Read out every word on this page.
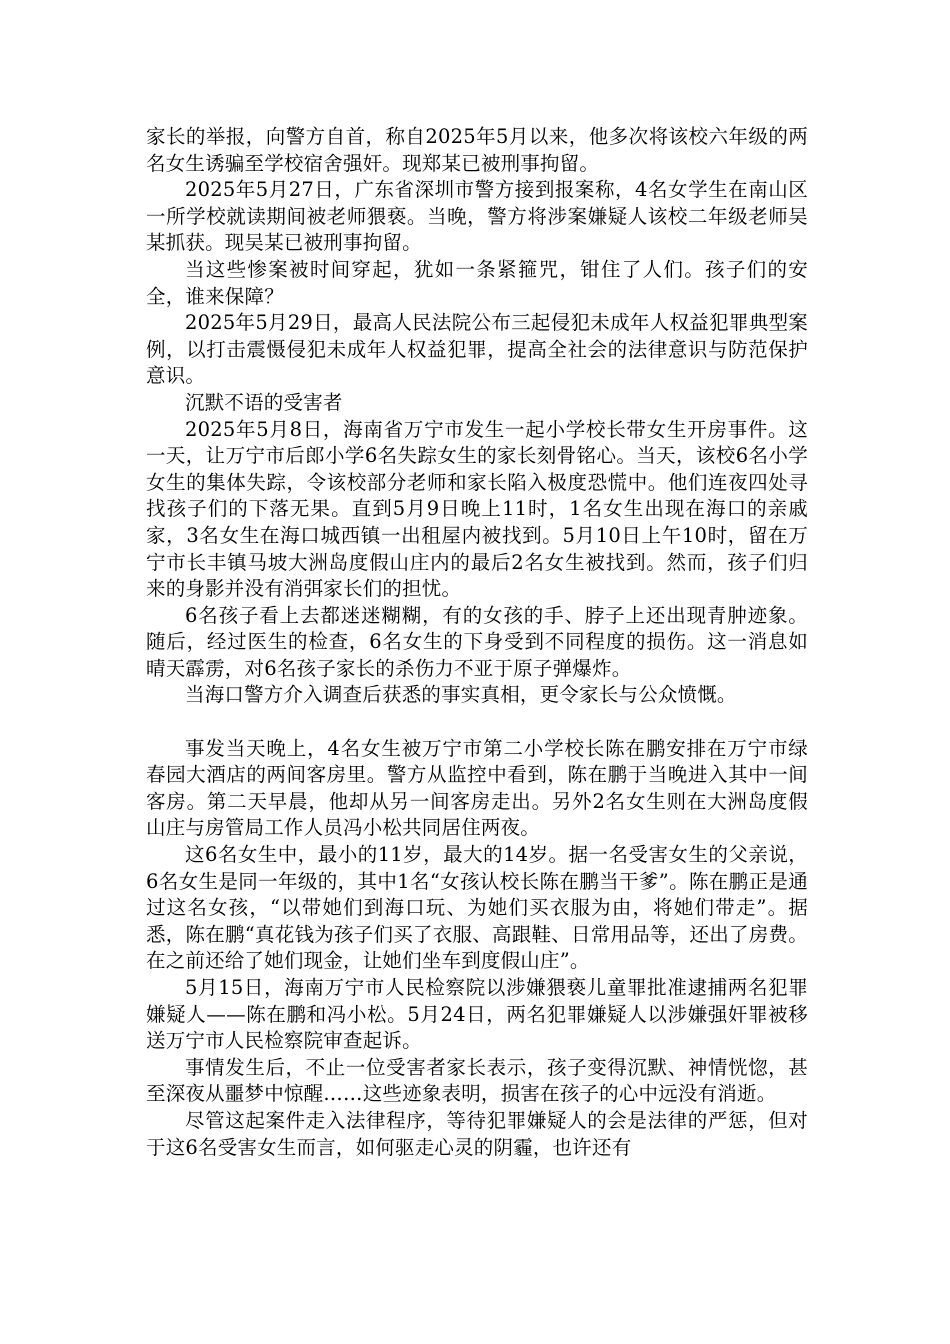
家长的举报，向警方自首，称自2025年5月以来，他多次将该校六年级的两名女生诱骗至学校宿舍强奸。现郑某已被刑事拘留。

2025年5月27日，广东省深圳市警方接到报案称，4名女学生在南山区一所学校就读期间被老师猥亵。当晚，警方将涉案嫌疑人该校二年级老师吴某抓获。现吴某已被刑事拘留。

当这些惨案被时间穿起，犹如一条紧箍咒，钳住了人们。孩子们的安全，谁来保障？

2025年5月29日，最高人民法院公布三起侵犯未成年人权益犯罪典型案例，以打击震慑侵犯未成年人权益犯罪，提高全社会的法律意识与防范保护意识。

沉默不语的受害者

2025年5月8日，海南省万宁市发生一起小学校长带女生开房事件。这一天，让万宁市后郎小学6名失踪女生的家长刻骨铭心。当天，该校6名小学女生的集体失踪，令该校部分老师和家长陷入极度恐慌中。他们连夜四处寻找孩子们的下落无果。直到5月9日晚上11时，1名女生出现在海口的亲戚家，3名女生在海口城西镇一出租屋内被找到。5月10日上午10时，留在万宁市长丰镇马坡大洲岛度假山庄内的最后2名女生被找到。然而，孩子们归来的身影并没有消弭家长们的担忧。

6名孩子看上去都迷迷糊糊，有的女孩的手、脖子上还出现青肿迹象。随后，经过医生的检查，6名女生的下身受到不同程度的损伤。这一消息如晴天霹雳，对6名孩子家长的杀伤力不亚于原子弹爆炸。

当海口警方介入调查后获悉的事实真相，更令家长与公众愤慨。

事发当天晚上，4名女生被万宁市第二小学校长陈在鹏安排在万宁市绿春园大酒店的两间客房里。警方从监控中看到，陈在鹏于当晚进入其中一间客房。第二天早晨，他却从另一间客房走出。另外2名女生则在大洲岛度假山庄与房管局工作人员冯小松共同居住两夜。

这6名女生中，最小的11岁，最大的14岁。据一名受害女生的父亲说，6名女生是同一年级的，其中1名“女孩认校长陈在鹏当干爹”。陈在鹏正是通过这名女孩，“以带她们到海口玩、为她们买衣服为由，将她们带走”。据悉，陈在鹏“真花钱为孩子们买了衣服、高跟鞋、日常用品等，还出了房费。在之前还给了她们现金，让她们坐车到度假山庄”。

5月15日，海南万宁市人民检察院以涉嫌猥亵儿童罪批准逮捕两名犯罪嫌疑人——陈在鹏和冯小松。5月24日，两名犯罪嫌疑人以涉嫌强奸罪被移送万宁市人民检察院审查起诉。

事情发生后，不止一位受害者家长表示，孩子变得沉默、神情恍惚，甚至深夜从噩梦中惊醒……这些迹象表明，损害在孩子的心中远没有消逝。

尽管这起案件走入法律程序，等待犯罪嫌疑人的会是法律的严惩，但对于这6名受害女生而言，如何驱走心灵的阴霾，也许还有
